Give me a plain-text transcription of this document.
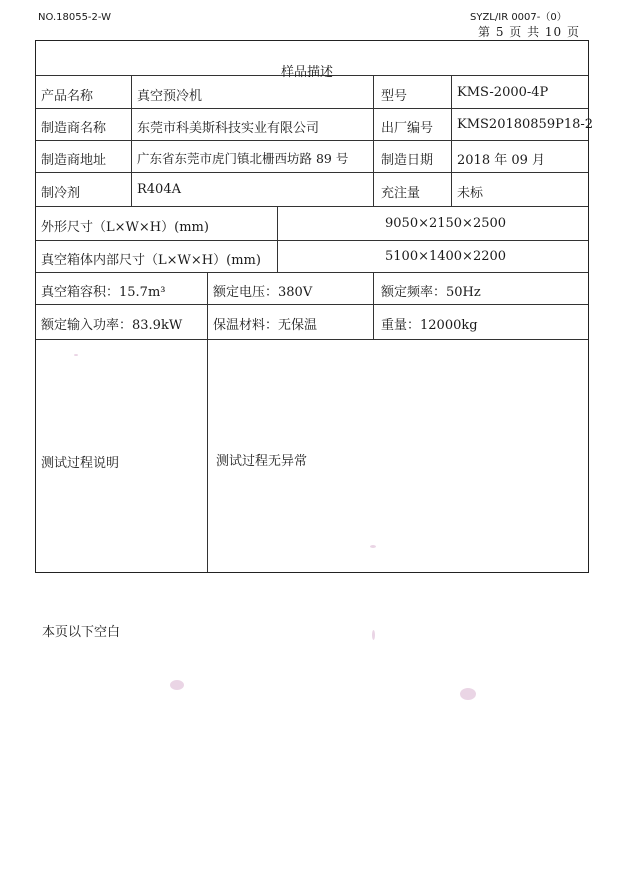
NO.18055-2-W	SYZL/IR 0007-（0）
第 5 页 共 10 页
样品描述
产品名称	真空预冷机	型号	KMS-2000-4P
制造商名称 东莞市科美斯科技实业有限公司	出厂编号 KMS20180859P18-2
制造商地址 广东省东莞市虎门镇北栅西坊路 89 号	制造日期 2018 年 09 月
制冷剂	R404A	充注量	未标
外形尺寸（L×W×H）(mm)	9050×2150×2500
真空箱体内部尺寸（L×W×H）(mm)	5100×1400×2200
真空箱容积：15.7m³	额定电压：380V	额定频率：50Hz
额定输入功率：83.9kW 保温材料：无保温	重量：12000kg
测试过程说明	测试过程无异常
本页以下空白
